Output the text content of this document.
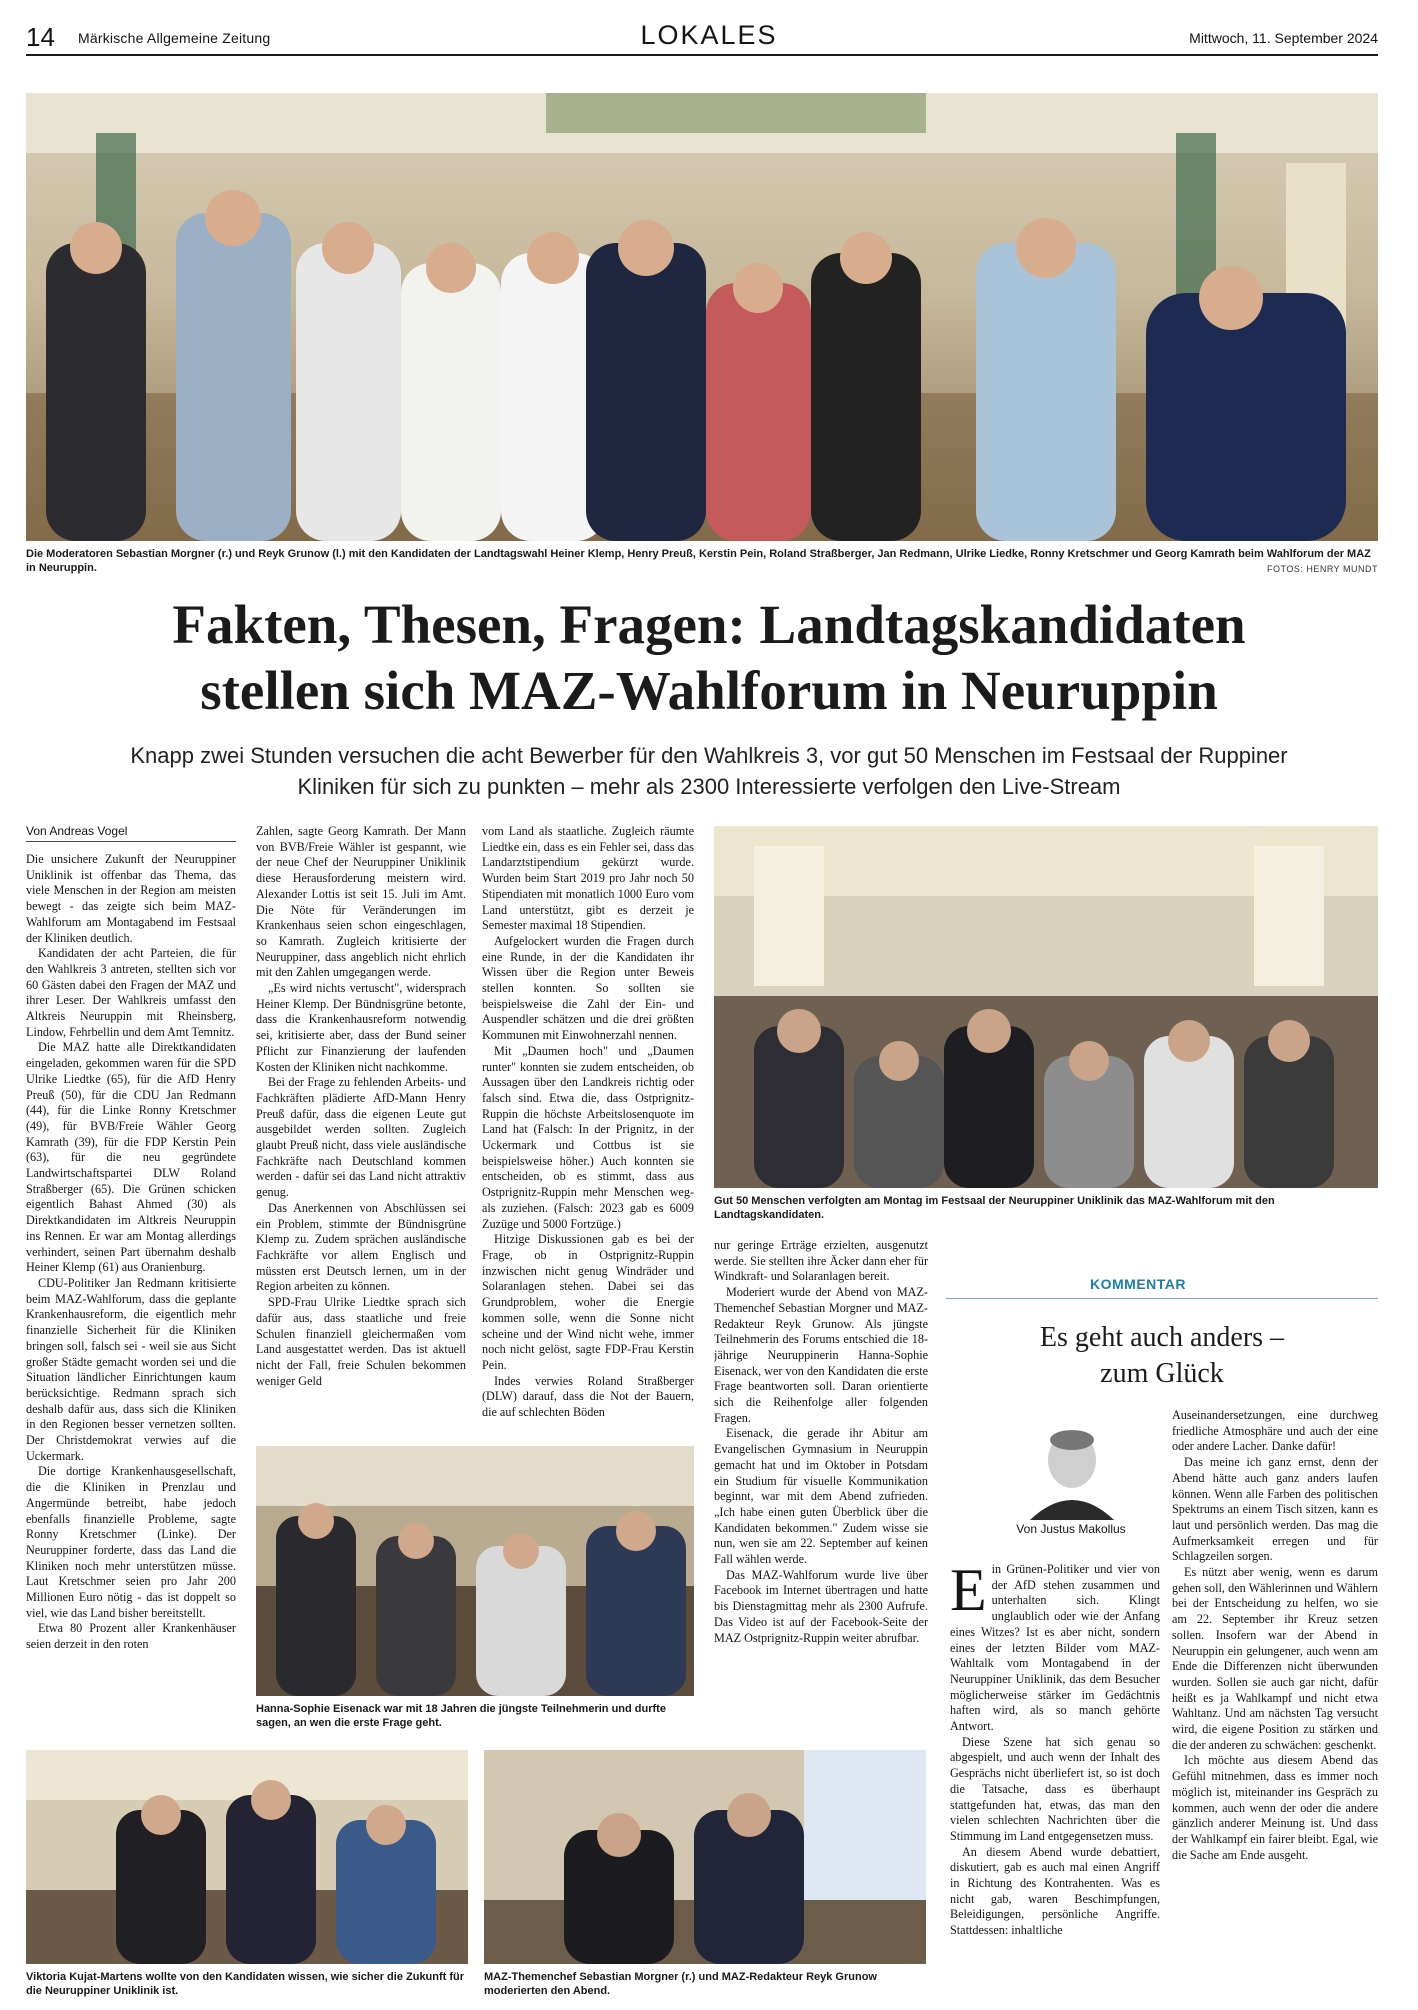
14 Märkische Allgemeine Zeitung	LOKALES	Mittwoch, 11. September 2024
Die Moderatoren Sebastian Morgner (r.) und Reyk Grunow (l.) mit den Kandidaten der Landtagswahl Heiner Klemp, Henry Preuß, Kerstin Pein, Roland Straßberger, Jan Redmann, Ulrike Liedke, Ronny Kretschmer und Georg Kamrath beim Wahlforum der MAZ in Neuruppin.	FOTOS: HENRY MUNDT
Fakten, Thesen, Fragen: Landtagskandidaten
stellen sich MAZ-Wahlforum in Neuruppin
Knapp zwei Stunden versuchen die acht Bewerber für den Wahlkreis 3, vor gut 50 Menschen im Festsaal der Ruppiner
Kliniken für sich zu punkten – mehr als 2300 Interessierte verfolgen den Live-Stream
Von Andreas Vogel

Die unsichere Zukunft der Neuruppiner Uniklinik ist offenbar das Thema, das viele Menschen in der Region am meisten bewegt - das zeigte sich beim MAZ-Wahlforum am Montagabend im Festsaal der Kliniken deutlich.

Kandidaten der acht Parteien, die für den Wahlkreis 3 antreten, stellten sich vor 60 Gästen dabei den Fragen der MAZ und ihrer Leser. Der Wahlkreis umfasst den Altkreis Neuruppin mit Rheinsberg, Lindow, Fehrbellin und dem Amt Temnitz.

Die MAZ hatte alle Direktkandidaten eingeladen, gekommen waren für die SPD Ulrike Liedtke (65), für die AfD Henry Preuß (50), für die CDU Jan Redmann (44), für die Linke Ronny Kretschmer (49), für BVB/Freie Wähler Georg Kamrath (39), für die FDP Kerstin Pein (63), für die neu gegründete Landwirtschaftspartei DLW Roland Straßberger (65). Die Grünen schicken eigentlich Bahast Ahmed (30) als Direktkandidaten im Altkreis Neuruppin ins Rennen. Er war am Montag allerdings verhindert, seinen Part übernahm deshalb Heiner Klemp (61) aus Oranienburg.

CDU-Politiker Jan Redmann kritisierte beim MAZ-Wahlforum, dass die geplante Krankenhausreform, die eigentlich mehr finanzielle Sicherheit für die Kliniken bringen soll, falsch sei - weil sie aus Sicht großer Städte gemacht worden sei und die Situation ländlicher Einrichtungen kaum berücksichtige. Redmann sprach sich deshalb dafür aus, dass sich die Kliniken in den Regionen besser vernetzen sollten. Der Christdemokrat verwies auf die Uckermark.

Die dortige Krankenhausgesellschaft, die die Kliniken in Prenzlau und Angermünde betreibt, habe jedoch ebenfalls finanzielle Probleme, sagte Ronny Kretschmer (Linke). Der Neuruppiner forderte, dass das Land die Kliniken noch mehr unterstützen müsse. Laut Kretschmer seien pro Jahr 200 Millionen Euro nötig - das ist doppelt so viel, wie das Land bisher bereitstellt.

Etwa 80 Prozent aller Krankenhäuser seien derzeit in den roten

Zahlen, sagte Georg Kamrath. Der Mann von BVB/Freie Wähler ist gespannt, wie der neue Chef der Neuruppiner Uniklinik diese Herausforderung meistern wird. Alexander Lottis ist seit 15. Juli im Amt. Die Nöte für Veränderungen im Krankenhaus seien schon eingeschlagen, so Kamrath. Zugleich kritisierte der Neuruppiner, dass angeblich nicht ehrlich mit den Zahlen umgegangen werde.

„Es wird nichts vertuscht", widersprach Heiner Klemp. Der Bündnisgrüne betonte, dass die Krankenhausreform notwendig sei, kritisierte aber, dass der Bund seiner Pflicht zur Finanzierung der laufenden Kosten der Kliniken nicht nachkomme.

Bei der Frage zu fehlenden Arbeits- und Fachkräften plädierte AfD-Mann Henry Preuß dafür, dass die eigenen Leute gut ausgebildet werden sollten. Zugleich glaubt Preuß nicht, dass viele ausländische Fachkräfte nach Deutschland kommen werden - dafür sei das Land nicht attraktiv genug.

Das Anerkennen von Abschlüssen sei ein Problem, stimmte der Bündnisgrüne Klemp zu. Zudem sprächen ausländische Fachkräfte vor allem Englisch und müssten erst Deutsch lernen, um in der Region arbeiten zu können.

SPD-Frau Ulrike Liedtke sprach sich dafür aus, dass staatliche und freie Schulen finanziell gleichermaßen vom Land ausgestattet werden. Das ist aktuell nicht der Fall, freie Schulen bekommen weniger Geld

vom Land als staatliche. Zugleich räumte Liedtke ein, dass es ein Fehler sei, dass das Landarztstipendium gekürzt wurde. Wurden beim Start 2019 pro Jahr noch 50 Stipendiaten mit monatlich 1000 Euro vom Land unterstützt, gibt es derzeit je Semester maximal 18 Stipendien.

Aufgelockert wurden die Fragen durch eine Runde, in der die Kandidaten ihr Wissen über die Region unter Beweis stellen konnten. So sollten sie beispielsweise die Zahl der Ein- und Auspendler schätzen und die drei größten Kommunen mit Einwohnerzahl nennen.

Mit „Daumen hoch" und „Daumen runter" konnten sie zudem entscheiden, ob Aussagen über den Landkreis richtig oder falsch sind. Etwa die, dass Ostprignitz-Ruppin die höchste Arbeitslosenquote im Land hat (Falsch: In der Prignitz, in der Uckermark und Cottbus ist sie beispielsweise höher.) Auch konnten sie entscheiden, ob es stimmt, dass aus Ostprignitz-Ruppin mehr Menschen weg- als zuziehen. (Falsch: 2023 gab es 6009 Zuzüge und 5000 Fortzüge.)

Hitzige Diskussionen gab es bei der Frage, ob in Ostprignitz-Ruppin inzwischen nicht genug Windräder und Solaranlagen stehen. Dabei sei das Grundproblem, woher die Energie kommen solle, wenn die Sonne nicht scheine und der Wind nicht wehe, immer noch nicht gelöst, sagte FDP-Frau Kerstin Pein.

Indes verwies Roland Straßberger (DLW) darauf, dass die Not der Bauern, die auf schlechten Böden

Gut 50 Menschen verfolgten am Montag im Festsaal der Neuruppiner Uniklinik das MAZ-Wahlforum mit den Landtagskandidaten.

nur geringe Erträge erzielten, ausgenutzt werde. Sie stellten ihre Äcker dann eher für Windkraft- und Solaranlagen bereit.

Moderiert wurde der Abend von MAZ-Themenchef Sebastian Morgner und MAZ-Redakteur Reyk Grunow. Als jüngste Teilnehmerin des Forums entschied die 18-jährige Neuruppinerin Hanna-Sophie Eisenack, wer von den Kandidaten die erste Frage beantworten soll. Daran orientierte sich die Reihenfolge aller folgenden Fragen.

Eisenack, die gerade ihr Abitur am Evangelischen Gymnasium in Neuruppin gemacht hat und im Oktober in Potsdam ein Studium für visuelle Kommunikation beginnt, war mit dem Abend zufrieden. „Ich habe einen guten Überblick über die Kandidaten bekommen." Zudem wisse sie nun, wen sie am 22. September auf keinen Fall wählen werde.

Das MAZ-Wahlforum wurde live über Facebook im Internet übertragen und hatte bis Dienstagmittag mehr als 2300 Aufrufe. Das Video ist auf der Facebook-Seite der MAZ Ostprignitz-Ruppin weiter abrufbar.

Hanna-Sophie Eisenack war mit 18 Jahren die jüngste Teilnehmerin und durfte sagen, an wen die erste Frage geht.
Viktoria Kujat-Martens wollte von den Kandidaten wissen, wie sicher die Zukunft für die Neuruppiner Uniklinik ist.
MAZ-Themenchef Sebastian Morgner (r.) und MAZ-Redakteur Reyk Grunow moderierten den Abend.
KOMMENTAR
Es geht auch anders –
zum Glück
Von Justus Makollus

Ein Grünen-Politiker und vier von der AfD stehen zusammen und unterhalten sich. Klingt unglaublich oder wie der Anfang eines Witzes? Ist es aber nicht, sondern eines der letzten Bilder vom MAZ-Wahltalk vom Montagabend in der Neuruppiner Uniklinik, das dem Besucher möglicherweise stärker im Gedächtnis haften wird, als so manch gehörte Antwort.

Diese Szene hat sich genau so abgespielt, und auch wenn der Inhalt des Gesprächs nicht überliefert ist, so ist doch die Tatsache, dass es überhaupt stattgefunden hat, etwas, das man den vielen schlechten Nachrichten über die Stimmung im Land entgegensetzen muss.

An diesem Abend wurde debattiert, diskutiert, gab es auch mal einen Angriff in Richtung des Kontrahenten. Was es nicht gab, waren Beschimpfungen, Beleidigungen, persönliche Angriffe. Stattdessen: inhaltliche

Auseinandersetzungen, eine durchweg friedliche Atmosphäre und auch der eine oder andere Lacher. Danke dafür!

Das meine ich ganz ernst, denn der Abend hätte auch ganz anders laufen können. Wenn alle Farben des politischen Spektrums an einem Tisch sitzen, kann es laut und persönlich werden. Das mag die Aufmerksamkeit erregen und für Schlagzeilen sorgen.

Es nützt aber wenig, wenn es darum gehen soll, den Wählerinnen und Wählern bei der Entscheidung zu helfen, wo sie am 22. September ihr Kreuz setzen sollen. Insofern war der Abend in Neuruppin ein gelungener, auch wenn am Ende die Differenzen nicht überwunden wurden. Sollen sie auch gar nicht, dafür heißt es ja Wahlkampf und nicht etwa Wahltanz. Und am nächsten Tag versucht wird, die eigene Position zu stärken und die der anderen zu schwächen: geschenkt.

Ich möchte aus diesem Abend das Gefühl mitnehmen, dass es immer noch möglich ist, miteinander ins Gespräch zu kommen, auch wenn der oder die andere gänzlich anderer Meinung ist. Und dass der Wahlkampf ein fairer bleibt. Egal, wie die Sache am Ende ausgeht.
